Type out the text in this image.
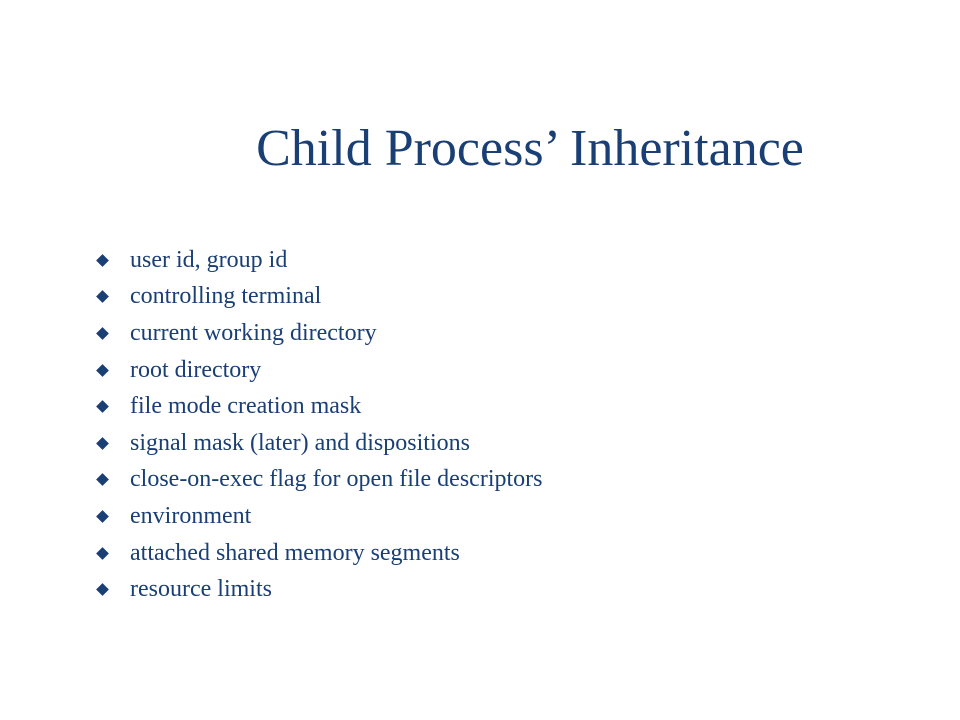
Child Process’ Inheritance
user id, group id
controlling terminal
current working directory
root directory
file mode creation mask
signal mask (later) and dispositions
close-on-exec flag for open file descriptors
environment
attached shared memory segments
resource limits
